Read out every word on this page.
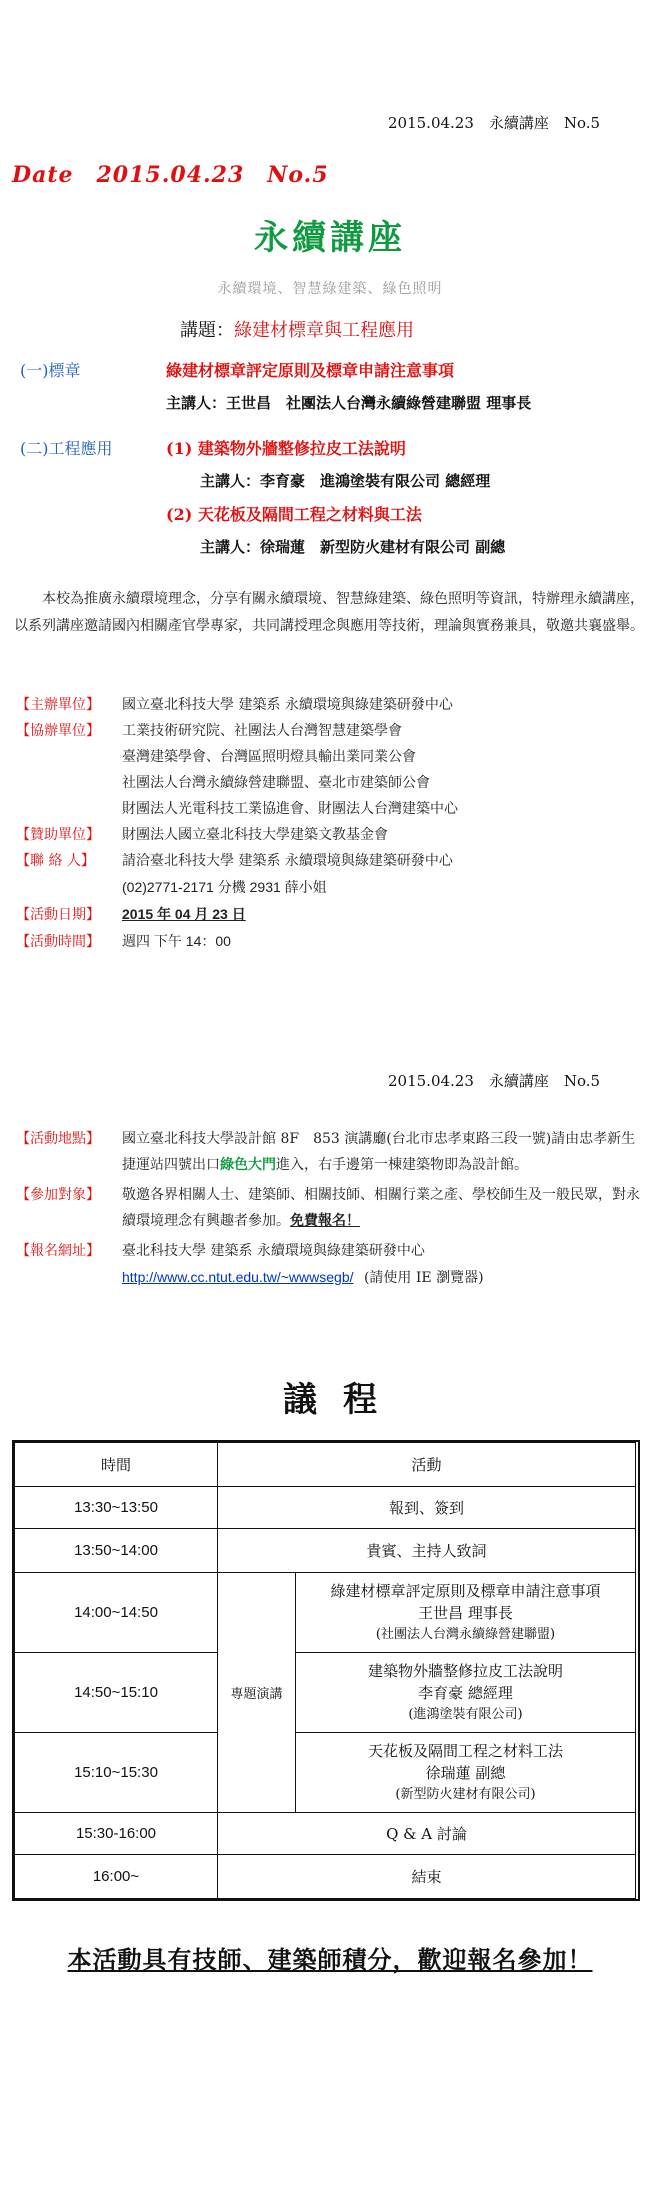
2015.04.23　永續講座　No.5
Date　2015.04.23　No.5
永續講座
永續環境、智慧綠建築、綠色照明
講題：綠建材標章與工程應用
(一)標章	綠建材標章評定原則及標章申請注意事項
主講人：王世昌　社團法人台灣永續綠營建聯盟 理事長
(二)工程應用	(1) 建築物外牆整修拉皮工法說明
主講人：李育豪　進鴻塗裝有限公司 總經理
(2) 天花板及隔間工程之材料與工法
主講人：徐瑞蓮　新型防火建材有限公司 副總
本校為推廣永續環境理念，分享有關永續環境、智慧綠建築、綠色照明等資訊，特辦理永續講座，以系列講座邀請國內相關產官學專家，共同講授理念與應用等技術，理論與實務兼具，敬邀共襄盛舉。
【主辦單位】 國立臺北科技大學 建築系 永續環境與綠建築研發中心
【協辦單位】 工業技術研究院、社團法人台灣智慧建築學會
臺灣建築學會、台灣區照明燈具輸出業同業公會
社團法人台灣永續綠營建聯盟、臺北市建築師公會
財團法人光電科技工業協進會、財團法人台灣建築中心
【贊助單位】 財團法人國立臺北科技大學建築文教基金會
【聯 絡 人】 請洽臺北科技大學 建築系 永續環境與綠建築研發中心
(02)2771-2171 分機 2931 薛小姐
【活動日期】 2015 年 04 月 23 日
【活動時間】 週四 下午 14：00
2015.04.23　永續講座　No.5
【活動地點】	國立臺北科技大學設計館 8F　853 演講廳(台北市忠孝東路三段一號)請由忠孝新生捷運站四號出口綠色大門進入，右手邊第一棟建築物即為設計館。
【參加對象】	敬邀各界相關人士、建築師、相關技師、相關行業之產、學校師生及一般民眾，對永續環境理念有興趣者參加。免費報名！
【報名網址】 臺北科技大學 建築系 永續環境與綠建築研發中心
http://www.cc.ntut.edu.tw/~wwwsegb/ (請使用 IE 瀏覽器)
議程
時間	活動	
13:30~13:50	報到、簽到	
13:50~14:00	貴賓、主持人致詞	
14:00~14:50	專題演講	綠建材標章評定原則及標章申請注意事項
王世昌 理事長
(社團法人台灣永續綠營建聯盟)

14:50~15:10		建築物外牆整修拉皮工法說明
李育豪 總經理
(進鴻塗裝有限公司)

15:10~15:30		天花板及隔間工程之材料工法
徐瑞蓮 副總
(新型防火建材有限公司)

15:30-16:00	Q & A 討論	
16:00~	結束	
本活動具有技師、建築師積分，歡迎報名參加！
